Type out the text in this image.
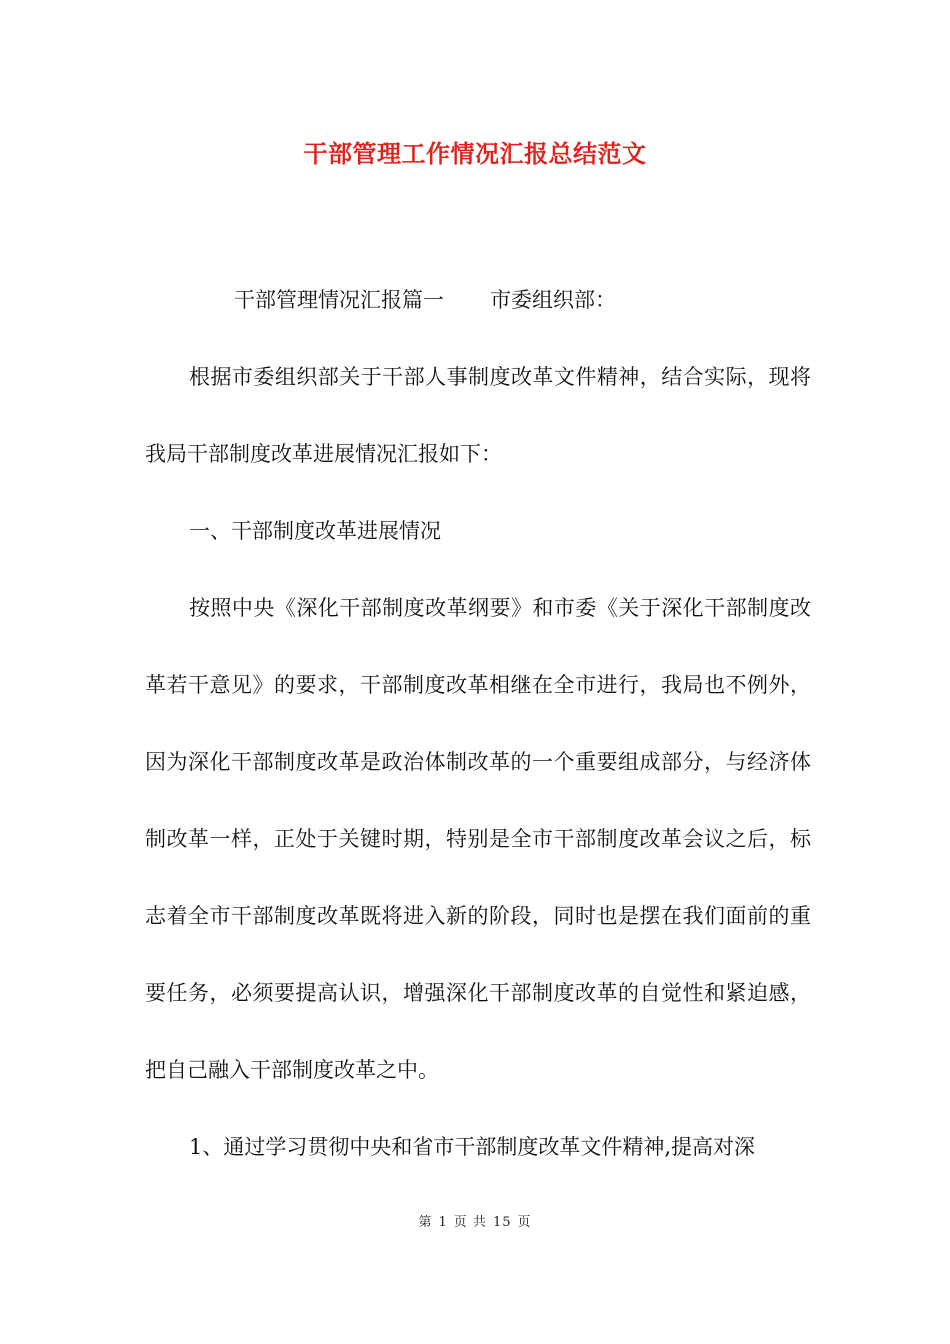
干部管理工作情况汇报总结范文

干部管理情况汇报篇一 市委组织部：

根据市委组织部关于干部人事制度改革文件精神，结合实际，现将我局干部制度改革进展情况汇报如下：

一、干部制度改革进展情况

按照中央《深化干部制度改革纲要》和市委《关于深化干部制度改革若干意见》的要求，干部制度改革相继在全市进行，我局也不例外，因为深化干部制度改革是政治体制改革的一个重要组成部分，与经济体制改革一样，正处于关键时期，特别是全市干部制度改革会议之后，标志着全市干部制度改革既将进入新的阶段，同时也是摆在我们面前的重要任务，必须要提高认识，增强深化干部制度改革的自觉性和紧迫感，把自己融入干部制度改革之中。

1、通过学习贯彻中央和省市干部制度改革文件精神,提高对深

第 1 页 共 15 页
